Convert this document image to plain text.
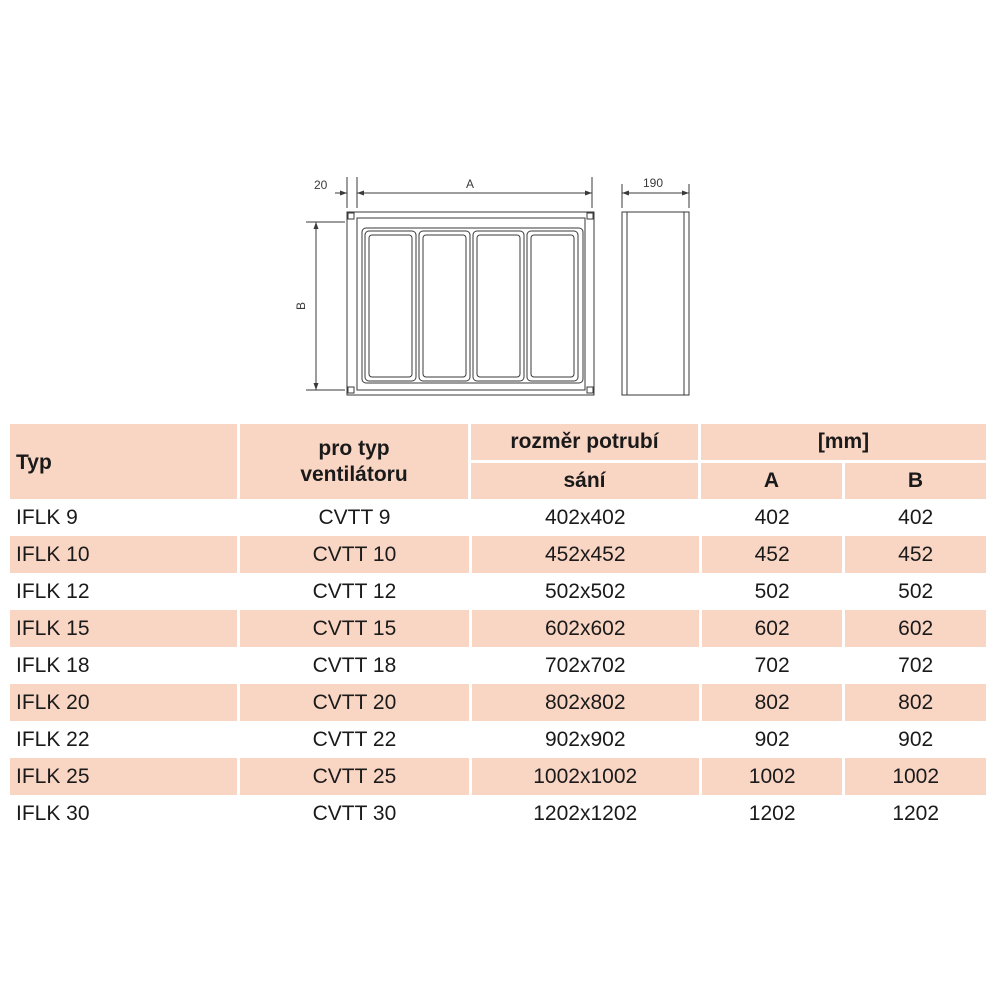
20	A	190
B
Typ
pro typ
ventilátoru
rozměr potrubí
sání
[mm]
A	B
IFLK 9	CVTT 9	402x402	402	402
IFLK 10	CVTT 10	452x452	452	452
IFLK 12	CVTT 12	502x502	502	502
IFLK 15	CVTT 15	602x602	602	602
IFLK 18	CVTT 18	702x702	702	702
IFLK 20	CVTT 20	802x802	802	802
IFLK 22	CVTT 22	902x902	902	902
IFLK 25	CVTT 25	1002x1002	1002	1002
IFLK 30	CVTT 30	1202x1202	1202	1202
